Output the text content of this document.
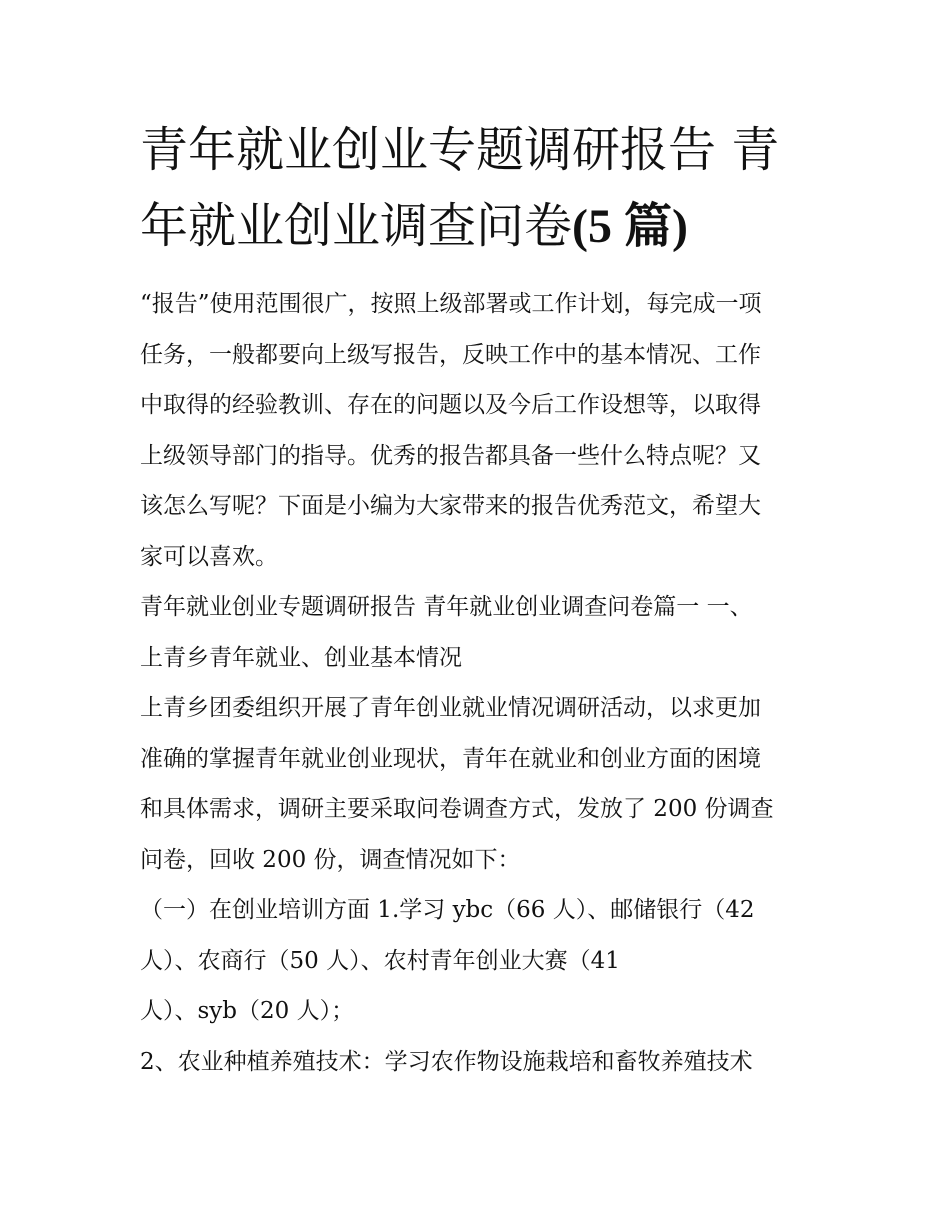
青年就业创业专题调研报告 青
年就业创业调查问卷(5 篇)
“报告”使用范围很广，按照上级部署或工作计划，每完成一项
任务，一般都要向上级写报告，反映工作中的基本情况、工作
中取得的经验教训、存在的问题以及今后工作设想等，以取得
上级领导部门的指导。优秀的报告都具备一些什么特点呢？又
该怎么写呢？下面是小编为大家带来的报告优秀范文，希望大
家可以喜欢。
青年就业创业专题调研报告 青年就业创业调查问卷篇一 一、
上青乡青年就业、创业基本情况
上青乡团委组织开展了青年创业就业情况调研活动，以求更加
准确的掌握青年就业创业现状，青年在就业和创业方面的困境
和具体需求，调研主要采取问卷调查方式，发放了 200 份调查
问卷，回收 200 份，调查情况如下：
（一）在创业培训方面 1.学习 ybc（66 人）、邮储银行（42
人）、农商行（50 人）、农村青年创业大赛（41
人）、syb（20 人）；
2、农业种植养殖技术：学习农作物设施栽培和畜牧养殖技术
